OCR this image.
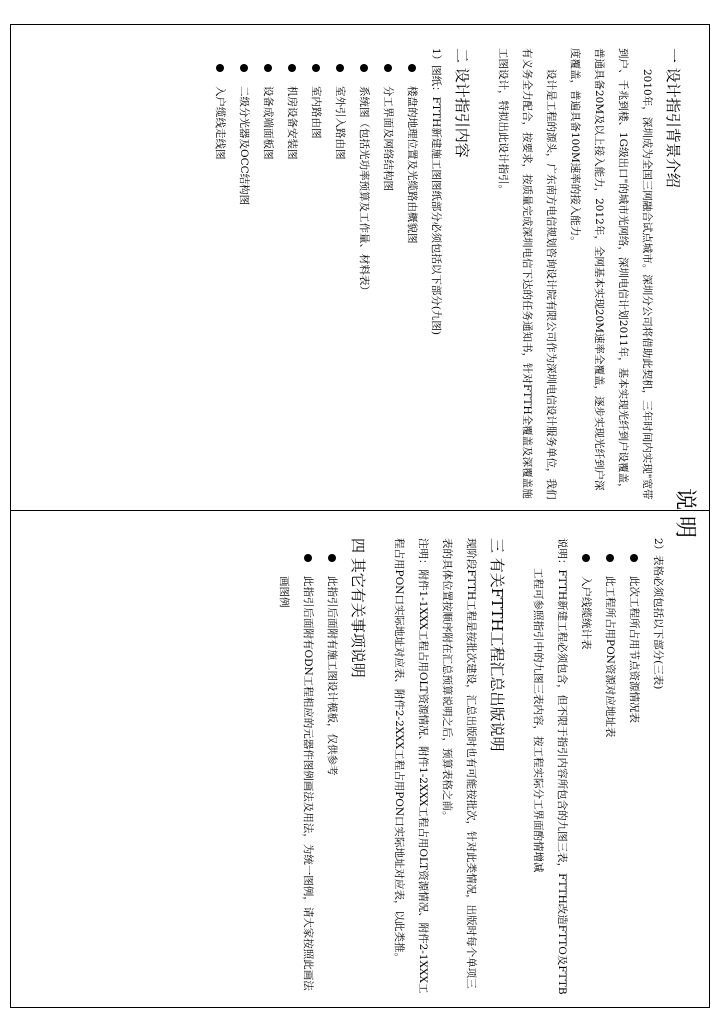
说明
一 设计指引背景介绍

2010年，深圳成为全国三网融合试点城市。深圳分公司将借助此契机，三年时间内实现"宽带到户、千兆到楼、1G级出口"的城市光网络，深圳电信计划2011年，基本实现光纤到户设覆盖，普通具备20M及以上接入能力，2012年，全网基本实现20M速率全覆盖，逐步实现光纤到户深度覆盖，普遍具备100M速率的接入能力。

设计是工程的源头，广东南方电信规划咨询设计院有限公司作为深圳电信设计服务单位，我们有义务全力配合，按要求，按质量完成深圳电信下达的任务通知书，针对FTTH全覆盖及深覆盖施工图设计，特拟出此设计指引。

二 设计指引内容

1）图纸：FTTH新建施工图图纸部分必须包括以下部分(九图)

楼盘的地理位置及光缆路由概貌图
分工界面及网络结构图
系统图（包括光功率预算及工作量、材料表）
室外引入路由图
室内路由图
机房设备安装图
设备成端面板图
二级分光器及OCC结构图
入户缆线走线图

2）表格必须包括以下部分(三表)

此次工程所占用节点资源情况表
此工程所占用PON资源对应地址表
入户线缆统计表

说明：FTTH新建工程必须包含，但不限于指引内容所包含的九图三表，FTTH改造FTTO及FTTB工程可参照指引中的九图三表内容，按工程实际分工界面酌情增减

三 有关FTTH工程汇总出版说明

现阶段FTTH工程是按批次建设，汇总出版时也有可能按批次，针对此类情况，出版时每个单项三表的具体位置按顺序附在汇总预算说明之后，预算表格之前。

注明：附件1-1XXX工程占用OLT资源情况、附件1-2XXX工程占用OLT资源情况、附件2-1XXX工程占用PON口实际地址对应表、附件2-2XXX工程占用PON口实际地址对应表，以此类推。

四 其它有关事项说明
此指引后面附有施工图设计模板，仅供参考
此指引后面附有ODN工程相应的元器件图例画法及用法，为统一图例，请大家按照此画法画图例
